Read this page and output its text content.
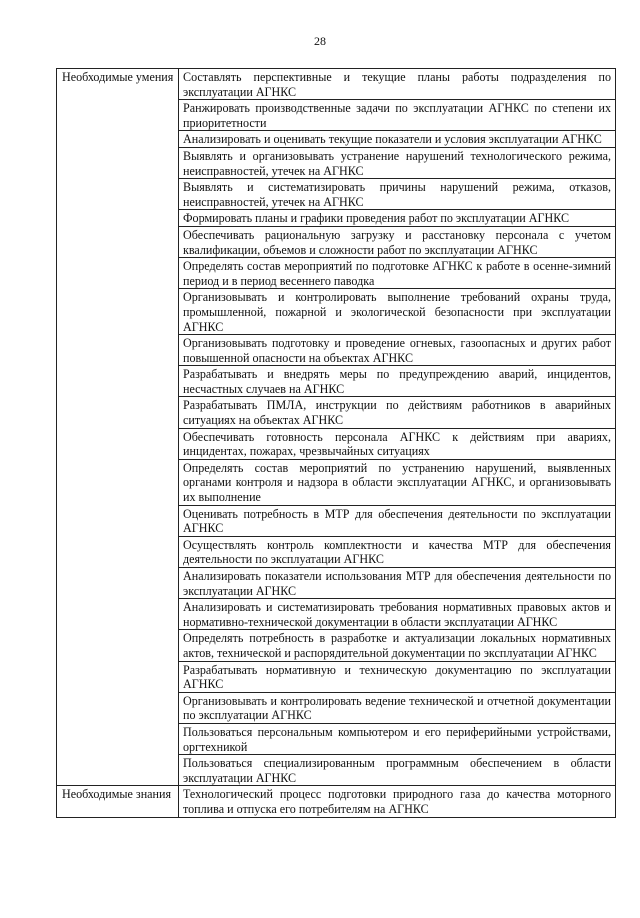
28
Необходимые умения	Составлять перспективные и текущие планы работы подразделения по эксплуатации АГНКС
	Ранжировать производственные задачи по эксплуатации АГНКС по степени их приоритетности
	Анализировать и оценивать текущие показатели и условия эксплуатации АГНКС
	Выявлять и организовывать устранение нарушений технологического режима, неисправностей, утечек на АГНКС
	Выявлять и систематизировать причины нарушений режима, отказов, неисправностей, утечек на АГНКС
	Формировать планы и графики проведения работ по эксплуатации АГНКС
	Обеспечивать рациональную загрузку и расстановку персонала с учетом квалификации, объемов и сложности работ по эксплуатации АГНКС
	Определять состав мероприятий по подготовке АГНКС к работе в осенне-зимний период и в период весеннего паводка
	Организовывать и контролировать выполнение требований охраны труда, промышленной, пожарной и экологической безопасности при эксплуатации АГНКС
	Организовывать подготовку и проведение огневых, газоопасных и других работ повышенной опасности на объектах АГНКС
	Разрабатывать и внедрять меры по предупреждению аварий, инцидентов, несчастных случаев на АГНКС
	Разрабатывать ПМЛА, инструкции по действиям работников в аварийных ситуациях на объектах АГНКС
	Обеспечивать готовность персонала АГНКС к действиям при авариях, инцидентах, пожарах, чрезвычайных ситуациях
	Определять состав мероприятий по устранению нарушений, выявленных органами контроля и надзора в области эксплуатации АГНКС, и организовывать их выполнение
	Оценивать потребность в МТР для обеспечения деятельности по эксплуатации АГНКС
	Осуществлять контроль комплектности и качества МТР для обеспечения деятельности по эксплуатации АГНКС
	Анализировать показатели использования МТР для обеспечения деятельности по эксплуатации АГНКС
	Анализировать и систематизировать требования нормативных правовых актов и нормативно-технической документации в области эксплуатации АГНКС
	Определять потребность в разработке и актуализации локальных нормативных актов, технической и распорядительной документации по эксплуатации АГНКС
	Разрабатывать нормативную и техническую документацию по эксплуатации АГНКС
	Организовывать и контролировать ведение технической и отчетной документации по эксплуатации АГНКС
	Пользоваться персональным компьютером и его периферийными устройствами, оргтехникой
	Пользоваться специализированным программным обеспечением в области эксплуатации АГНКС
Необходимые знания	Технологический процесс подготовки природного газа до качества моторного топлива и отпуска его потребителям на АГНКС
